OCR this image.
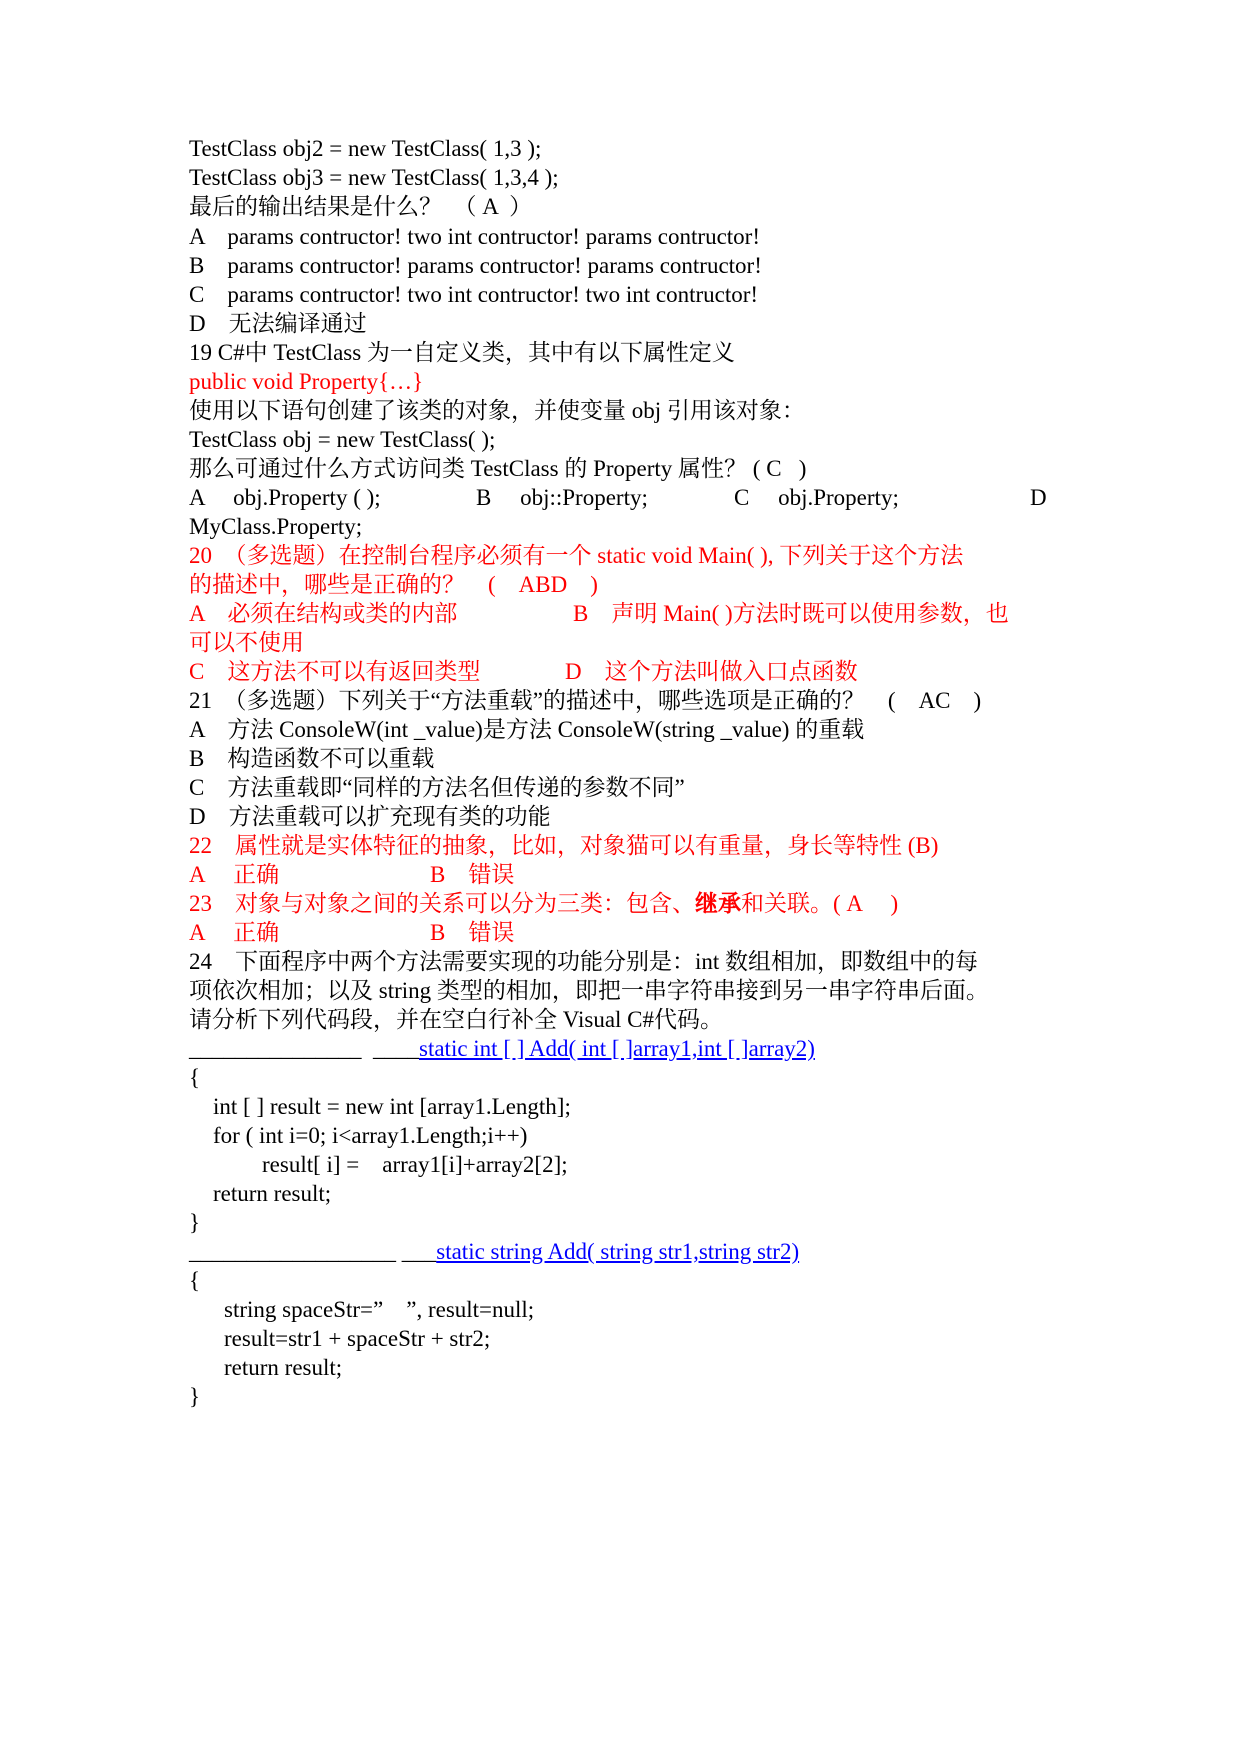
TestClass obj2 = new TestClass( 1,3 );
TestClass obj3 = new TestClass( 1,3,4 );
最后的输出结果是什么？　（ A  ）
A　params contructor! two int contructor! params contructor!
B　params contructor! params contructor! params contructor!
C　params contructor! two int contructor! two int contructor!
D　无法编译通过
19 C#中 TestClass 为一自定义类，其中有以下属性定义
public void Property{…}
使用以下语句创建了该类的对象，并使变量 obj 引用该对象：
TestClass obj = new TestClass( );
那么可通过什么方式访问类 TestClass 的 Property 属性？ ( C   )
A　 obj.Property ( );	B　 obj::Property;	C　 obj.Property;	D
MyClass.Property;
20　（多选题）在控制台程序必须有一个 static void Main( ), 下列关于这个方法
的描述中，哪些是正确的？　(　ABD　)
A　必须在结构或类的内部	B　声明 Main( )方法时既可以使用参数，也
可以不使用
C　这方法不可以有返回类型	D　这个方法叫做入口点函数
21　（多选题）下列关于“方法重载”的描述中，哪些选项是正确的？　(　AC　)
A　方法 ConsoleW(int _value)是方法 ConsoleW(string _value) 的重载
B　构造函数不可以重载
C　方法重载即“同样的方法名但传递的参数不同”
D　方法重载可以扩充现有类的功能
22　属性就是实体特征的抽象，比如，对象猫可以有重量，身长等特性 (B)
A　 正确	B　错误
23　对象与对象之间的关系可以分为三类：包含、继承和关联。( A　 )
A　 正确	B　错误
24　下面程序中两个方法需要实现的功能分别是：int 数组相加，即数组中的每
项依次相加；以及 string 类型的相加，即把一串字符串接到另一串字符串后面。
请分析下列代码段，并在空白行补全 Visual C#代码。
_______________  ____static int [ ] Add( int [ ]array1,int [ ]array2)
{
int [ ] result = new int [array1.Length];
for ( int i=0; i<array1.Length;i++)
result[ i] =　array1[i]+array2[2];
return result;
}
__________________ ___static string Add( string str1,string str2)
{
string spaceStr=”　”, result=null;
result=str1 + spaceStr + str2;
return result;
}
